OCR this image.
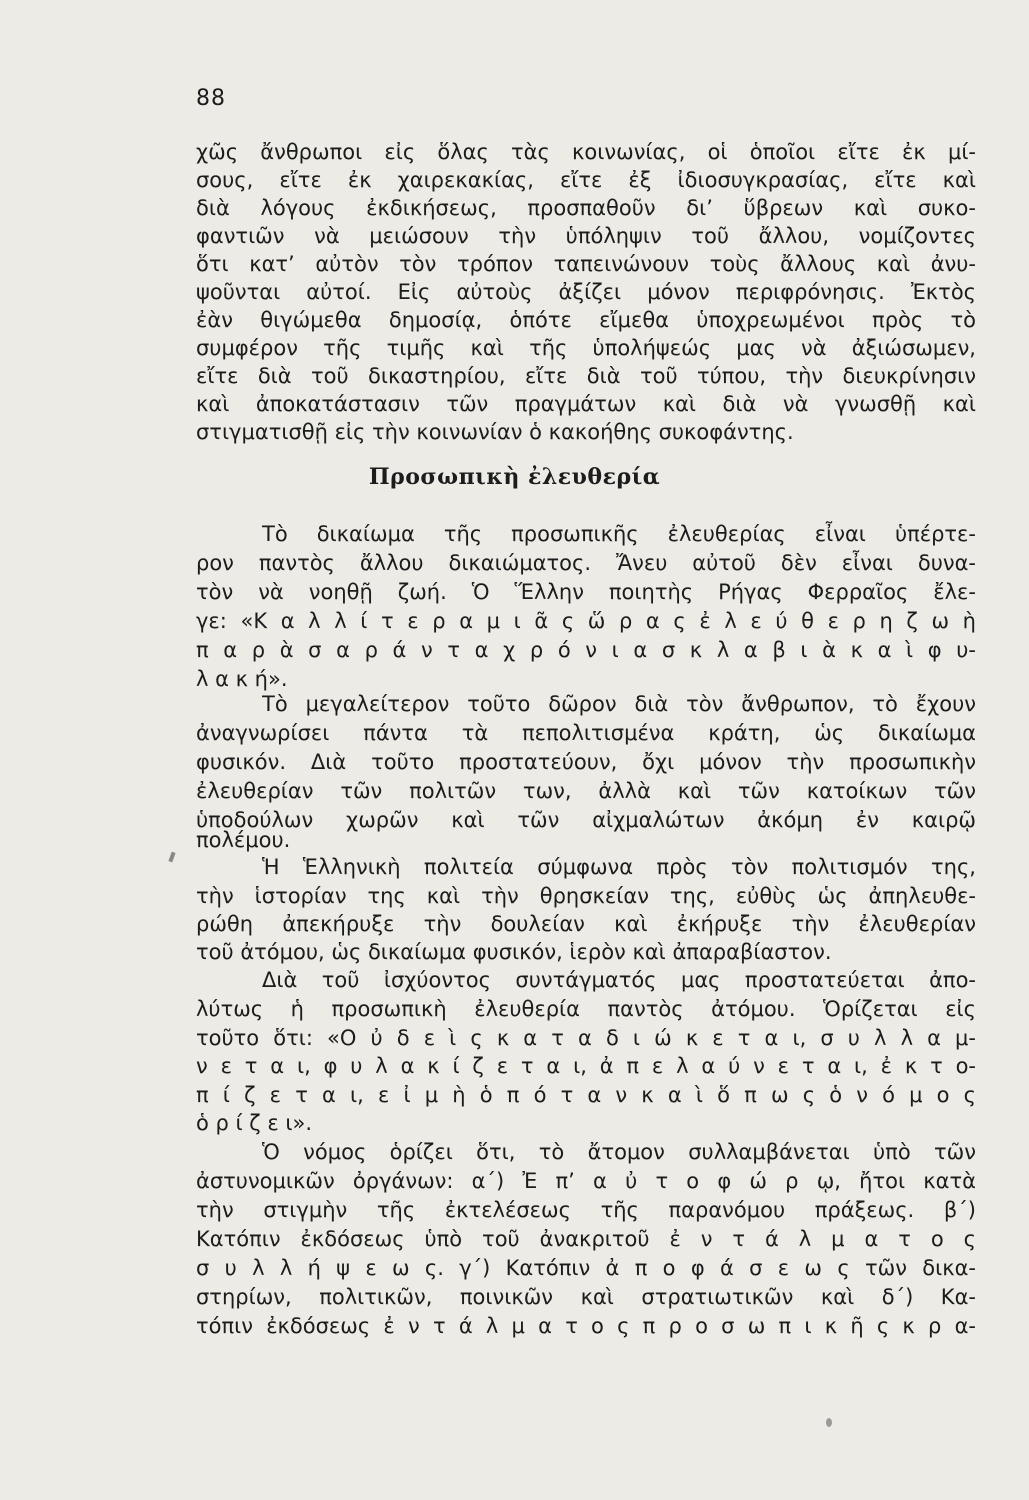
88
χῶς ἄνθρωποι εἰς ὅλας τὰς κοινωνίας, οἱ ὁποῖοι εἴτε ἐκ μί-
σους, εἴτε ἐκ χαιρεκακίας, εἴτε ἐξ ἰδιοσυγκρασίας, εἴτε καὶ
διὰ λόγους ἐκδικήσεως, προσπαθοῦν δι’ ὕβρεων καὶ συκο-
φαντιῶν νὰ μειώσουν τὴν ὑπόληψιν τοῦ ἄλλου, νομίζοντες
ὅτι κατ’ αὐτὸν τὸν τρόπον ταπεινώνουν τοὺς ἄλλους καὶ ἀνυ-
ψοῦνται αὐτοί. Εἰς αὐτοὺς ἀξίζει μόνον περιφρόνησις. Ἐκτὸς
ἐὰν θιγώμεθα δημοσίᾳ, ὁπότε εἴμεθα ὑποχρεωμένοι πρὸς τὸ
συμφέρον τῆς τιμῆς καὶ τῆς ὑπολήψεώς μας νὰ ἀξιώσωμεν,
εἴτε διὰ τοῦ δικαστηρίου, εἴτε διὰ τοῦ τύπου, τὴν διευκρίνησιν
καὶ ἀποκατάστασιν τῶν πραγμάτων καὶ διὰ νὰ γνωσθῇ καὶ
στιγματισθῇ εἰς τὴν κοινωνίαν ὁ κακοήθης συκοφάντης.
Προσωπικὴ ἐλευθερία
Τὸ δικαίωμα τῆς προσωπικῆς ἐλευθερίας εἶναι ὑπέρτε-
ρον παντὸς ἄλλου δικαιώματος. Ἄνευ αὐτοῦ δὲν εἶναι δυνα-
τὸν νὰ νοηθῇ ζωή. Ὁ Ἕλλην ποιητὴς Ρήγας Φερραῖος ἔλε-
γε: «Κ α λ λ ί τ ε ρ α μ ι ᾶ ς ὥ ρ α ς ἐ λ ε ύ θ ε ρ η ζ ω ὴ
π α ρ ὰ σ α ρ ά ν τ α χ ρ ό ν ι α σ κ λ α β ι ὰ κ α ὶ φ υ-
λ α κ ή».
Τὸ μεγαλείτερον τοῦτο δῶρον διὰ τὸν ἄνθρωπον, τὸ ἔχουν
ἀναγνωρίσει πάντα τὰ πεπολιτισμένα κράτη, ὡς δικαίωμα
φυσικόν. Διὰ τοῦτο προστατεύουν, ὄχι μόνον τὴν προσωπικὴν
ἐλευθερίαν τῶν πολιτῶν των, ἀλλὰ καὶ τῶν κατοίκων τῶν
ὑποδούλων χωρῶν καὶ τῶν αἰχμαλώτων ἀκόμη ἐν καιρῷ
πολέμου.
Ἡ Ἑλληνικὴ πολιτεία σύμφωνα πρὸς τὸν πολιτισμόν της,
τὴν ἱστορίαν της καὶ τὴν θρησκείαν της, εὐθὺς ὡς ἀπηλευθε-
ρώθη ἀπεκήρυξε τὴν δουλείαν καὶ ἐκήρυξε τὴν ἐλευθερίαν
τοῦ ἀτόμου, ὡς δικαίωμα φυσικόν, ἱερὸν καὶ ἀπαραβίαστον.
Διὰ τοῦ ἰσχύοντος συντάγματός μας προστατεύεται ἀπο-
λύτως ἡ προσωπικὴ ἐλευθερία παντὸς ἀτόμου. Ὁρίζεται εἰς
τοῦτο ὅτι: «Ο ὐ δ ε ὶ ς κ α τ α δ ι ώ κ ε τ α ι, σ υ λ λ α μ-
ν ε τ α ι, φ υ λ α κ ί ζ ε τ α ι, ἀ π ε λ α ύ ν ε τ α ι, ἐ κ τ ο-
π ί ζ ε τ α ι, ε ἰ μ ὴ ὁ π ό τ α ν κ α ὶ ὅ π ω ς ὁ ν ό μ ο ς
ὁ ρ ί ζ ε ι».
Ὁ νόμος ὁρίζει ὅτι, τὸ ἄτομον συλλαμβάνεται ὑπὸ τῶν
ἀστυνομικῶν ὀργάνων: α΄) Ἐ π’ α ὐ τ ο φ ώ ρ ῳ, ἤτοι κατὰ
τὴν στιγμὴν τῆς ἐκτελέσεως τῆς παρανόμου πράξεως. β΄)
Κατόπιν ἐκδόσεως ὑπὸ τοῦ ἀνακριτοῦ ἐ ν τ ά λ μ α τ ο ς
σ υ λ λ ή ψ ε ω ς. γ΄) Κατόπιν ἀ π ο φ ά σ ε ω ς τῶν δικα-
στηρίων, πολιτικῶν, ποινικῶν καὶ στρατιωτικῶν καὶ δ΄) Κα-
τόπιν ἐκδόσεως ἐ ν τ ά λ μ α τ ο ς π ρ ο σ ω π ι κ ῆ ς κ ρ α-
